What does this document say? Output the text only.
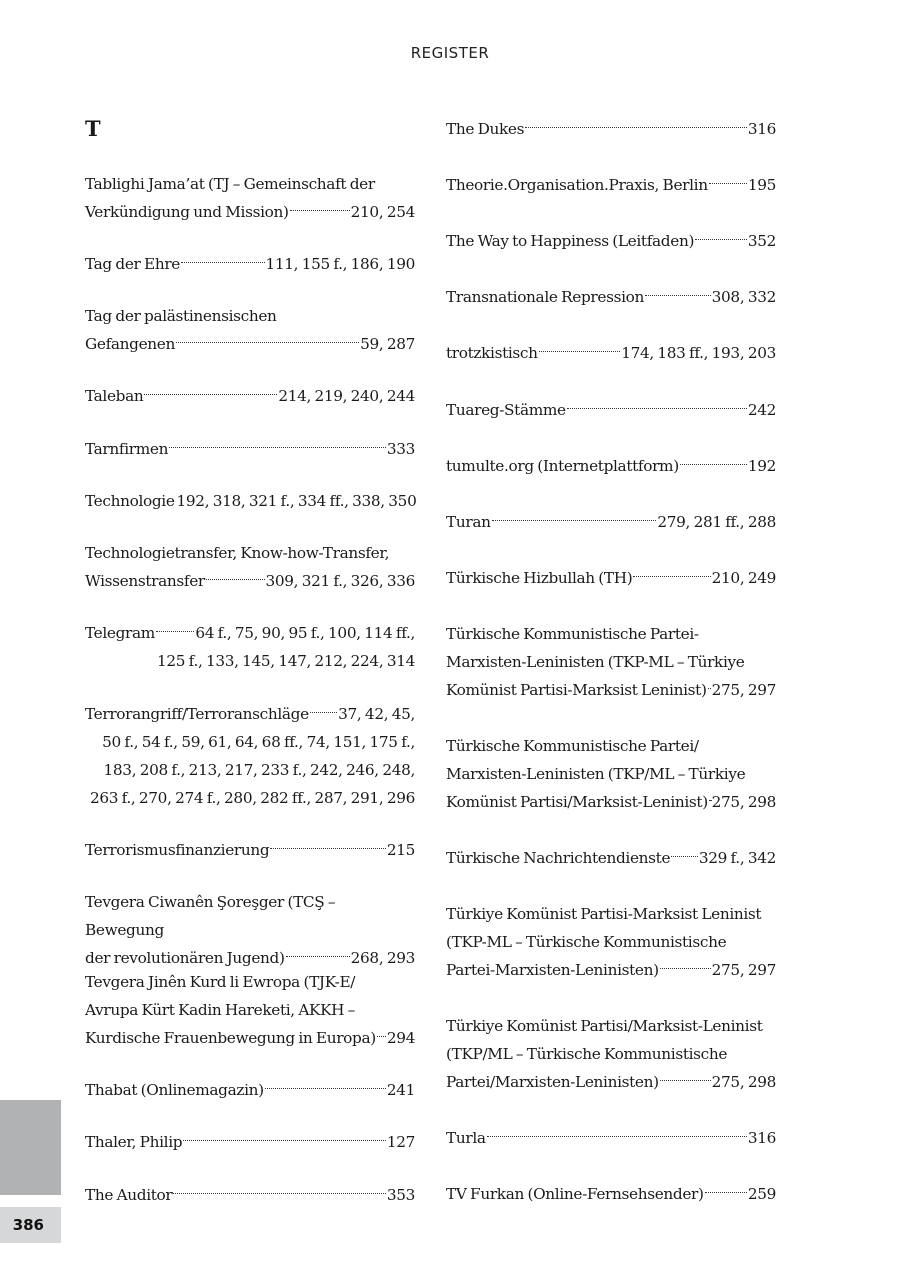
REGISTER
T
Tablighi Jama’at (TJ – Gemeinschaft der
Verkündigung und Mission)	210, 254
Tag der Ehre	111, 155 f., 186, 190
Tag der palästinensischen
Gefangenen	59, 287
Taleban	214, 219, 240, 244
Tarnfirmen	333
Technologie 192, 318, 321 f., 334 ff., 338, 350
Technologietransfer, Know-how-Transfer,
Wissenstransfer	309, 321 f., 326, 336
Telegram	64 f., 75, 90, 95 f., 100, 114 ff.,
125 f., 133, 145, 147, 212, 224, 314
Terrorangriff/Terroranschläge 37, 42, 45,
50 f., 54 f., 59, 61, 64, 68 ff., 74, 151, 175 f.,
183, 208 f., 213, 217, 233 f., 242, 246, 248,
263 f., 270, 274 f., 280, 282 ff., 287, 291, 296
Terrorismusfinanzierung	215
Tevgera Ciwanên Şoreşger (TCŞ – Bewegung
der revolutionären Jugend)	268, 293
Tevgera Jinên Kurd li Ewropa (TJK-E/
Avrupa Kürt Kadin Hareketi, AKKH –
Kurdische Frauenbewegung in Europa) 294
Thabat (Onlinemagazin)	241
Thaler, Philip	127
The Auditor	353
The Dukes	316
Theorie.Organisation.Praxis, Berlin	195
The Way to Happiness (Leitfaden)	352
Transnationale Repression	308, 332
trotzkistisch	174, 183 ff., 193, 203
Tuareg-Stämme	242
tumulte.org (Internetplattform)	192
Turan	279, 281 ff., 288
Türkische Hizbullah (TH)	210, 249
Türkische Kommunistische Partei-
Marxisten-Leninisten (TKP-ML – Türkiye
Komünist Partisi-Marksist Leninist) 275, 297
Türkische Kommunistische Partei/
Marxisten-Leninisten (TKP/ML – Türkiye
Komünist Partisi/Marksist-Leninist) 275, 298
Türkische Nachrichtendienste 329 f., 342
Türkiye Komünist Partisi-Marksist Leninist
(TKP-ML – Türkische Kommunistische
Partei-Marxisten-Leninisten)	275, 297
Türkiye Komünist Partisi/Marksist-Leninist
(TKP/ML – Türkische Kommunistische
Partei/Marxisten-Leninisten)	275, 298
Turla	316
TV Furkan (Online-Fernsehsender)	259
386
